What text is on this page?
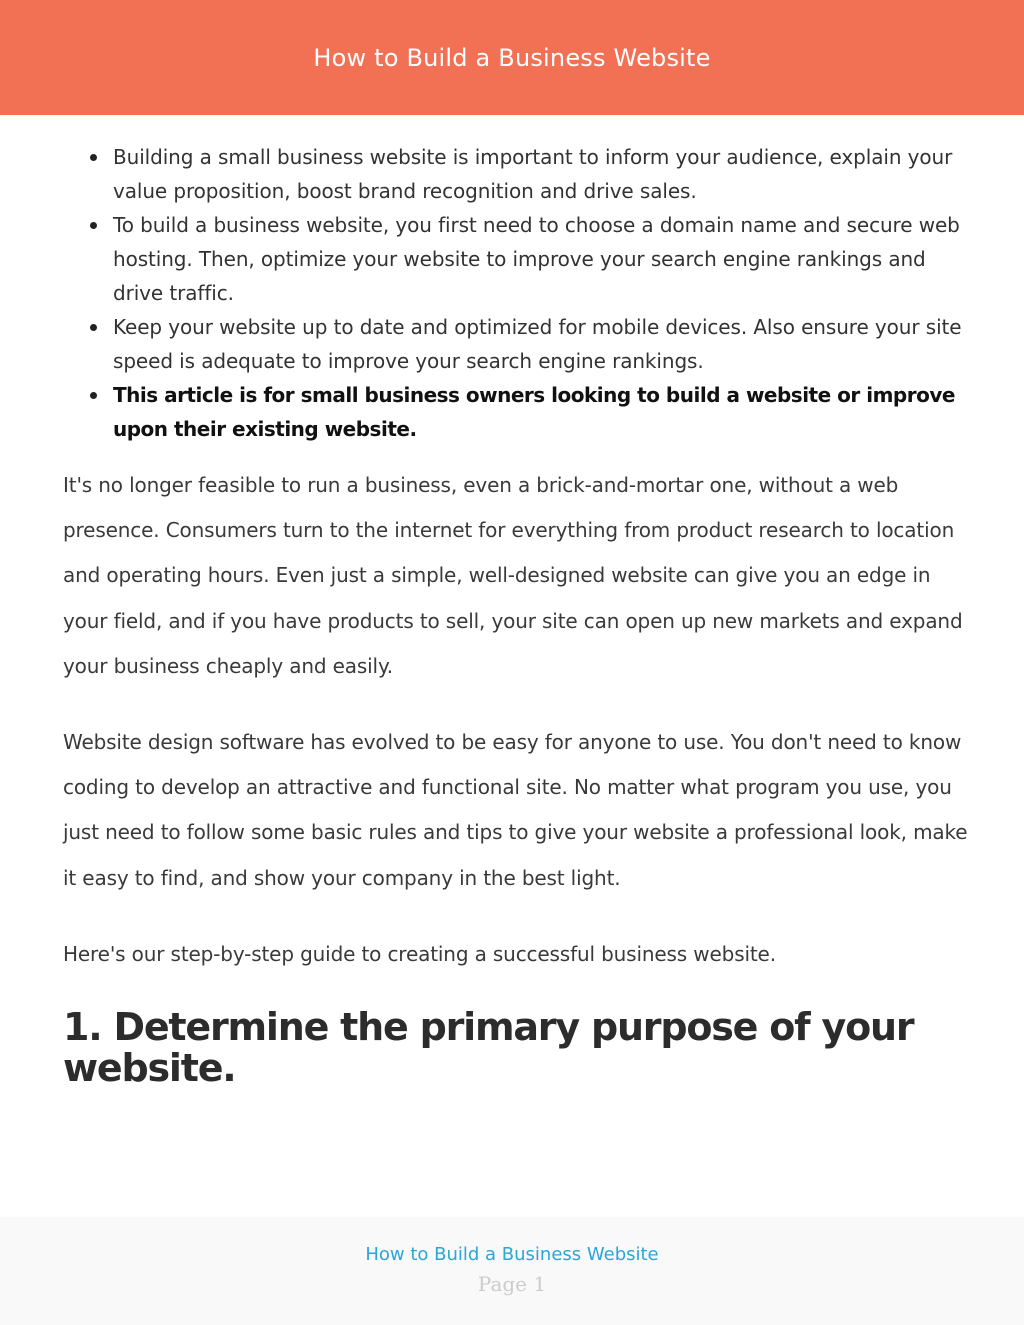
How to Build a Business Website
Building a small business website is important to inform your audience, explain your value proposition, boost brand recognition and drive sales.
To build a business website, you first need to choose a domain name and secure web hosting. Then, optimize your website to improve your search engine rankings and drive traffic.
Keep your website up to date and optimized for mobile devices. Also ensure your site speed is adequate to improve your search engine rankings.
This article is for small business owners looking to build a website or improve upon their existing website.

It's no longer feasible to run a business, even a brick-and-mortar one, without a web presence. Consumers turn to the internet for everything from product research to location and operating hours. Even just a simple, well-designed website can give you an edge in your field, and if you have products to sell, your site can open up new markets and expand your business cheaply and easily.

Website design software has evolved to be easy for anyone to use. You don't need to know coding to develop an attractive and functional site. No matter what program you use, you just need to follow some basic rules and tips to give your website a professional look, make it easy to find, and show your company in the best light.

Here's our step-by-step guide to creating a successful business website.

1. Determine the primary purpose of your website.
How to Build a Business Website
Page 1
